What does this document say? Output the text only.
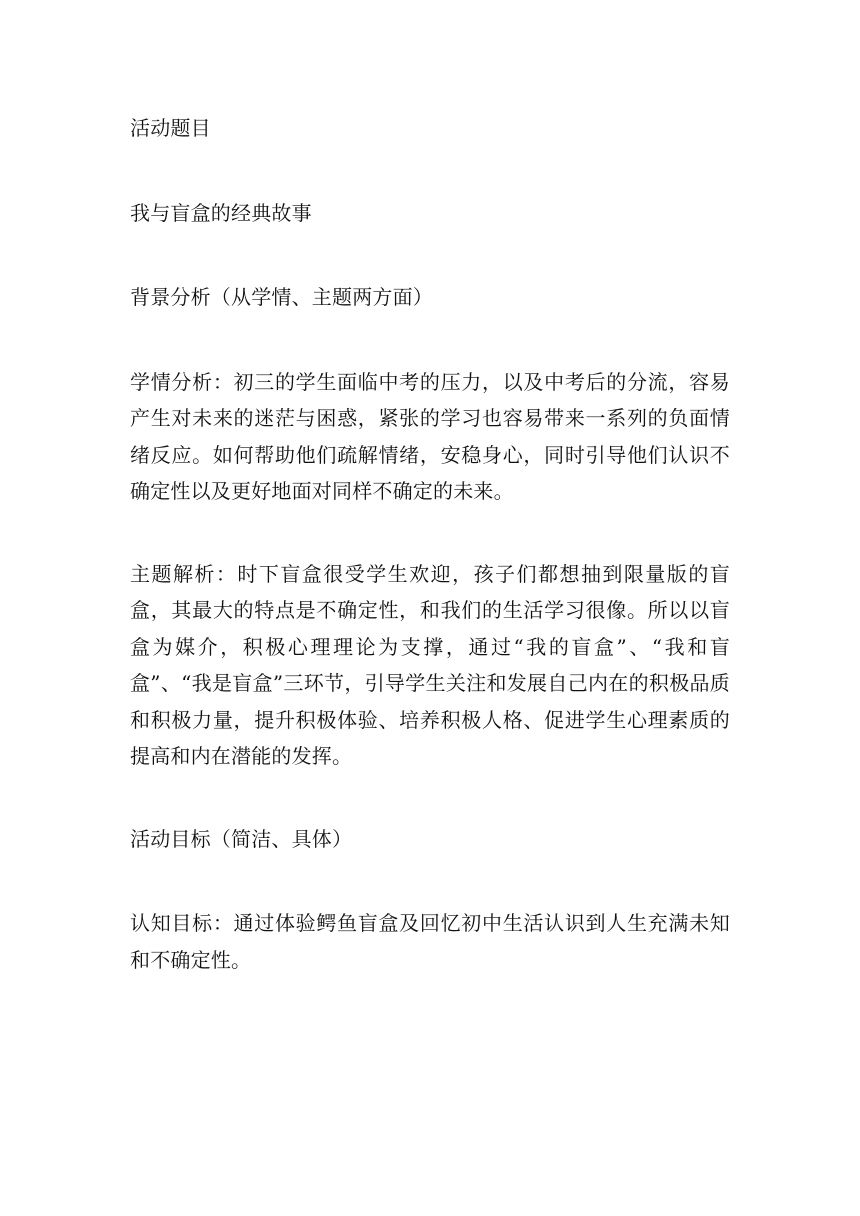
活动题目

我与盲盒的经典故事

背景分析（从学情、主题两方面）

学情分析：初三的学生面临中考的压力，以及中考后的分流，容易产生对未来的迷茫与困惑，紧张的学习也容易带来一系列的负面情绪反应。如何帮助他们疏解情绪，安稳身心，同时引导他们认识不确定性以及更好地面对同样不确定的未来。

主题解析：时下盲盒很受学生欢迎，孩子们都想抽到限量版的盲盒，其最大的特点是不确定性，和我们的生活学习很像。所以以盲盒为媒介，积极心理理论为支撑，通过“我的盲盒”、“我和盲盒”、“我是盲盒”三环节，引导学生关注和发展自己内在的积极品质和积极力量，提升积极体验、培养积极人格、促进学生心理素质的提高和内在潜能的发挥。

活动目标（简洁、具体）

认知目标：通过体验鳄鱼盲盒及回忆初中生活认识到人生充满未知和不确定性。
